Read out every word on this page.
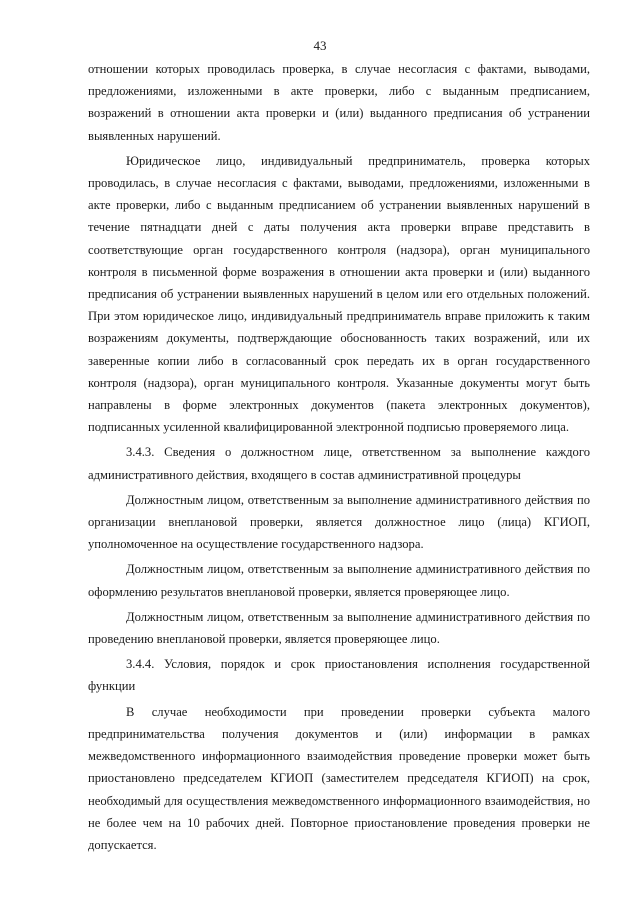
43

отношении которых проводилась проверка, в случае несогласия с фактами, выводами, предложениями, изложенными в акте проверки, либо с выданным предписанием, возражений в отношении акта проверки и (или) выданного предписания об устранении выявленных нарушений.

Юридическое лицо, индивидуальный предприниматель, проверка которых проводилась, в случае несогласия с фактами, выводами, предложениями, изложенными в акте проверки, либо с выданным предписанием об устранении выявленных нарушений в течение пятнадцати дней с даты получения акта проверки вправе представить в соответствующие орган государственного контроля (надзора), орган муниципального контроля в письменной форме возражения в отношении акта проверки и (или) выданного предписания об устранении выявленных нарушений в целом или его отдельных положений. При этом юридическое лицо, индивидуальный предприниматель вправе приложить к таким возражениям документы, подтверждающие обоснованность таких возражений, или их заверенные копии либо в согласованный срок передать их в орган государственного контроля (надзора), орган муниципального контроля. Указанные документы могут быть направлены в форме электронных документов (пакета электронных документов), подписанных усиленной квалифицированной электронной подписью проверяемого лица.

3.4.3. Сведения о должностном лице, ответственном за выполнение каждого административного действия, входящего в состав административной процедуры

Должностным лицом, ответственным за выполнение административного действия по организации внеплановой проверки, является должностное лицо (лица) КГИОП, уполномоченное на осуществление государственного надзора.

Должностным лицом, ответственным за выполнение административного действия по оформлению результатов внеплановой проверки, является проверяющее лицо.

Должностным лицом, ответственным за выполнение административного действия по проведению внеплановой проверки, является проверяющее лицо.

3.4.4. Условия, порядок и срок приостановления исполнения государственной функции

В случае необходимости при проведении проверки субъекта малого предпринимательства получения документов и (или) информации в рамках межведомственного информационного взаимодействия проведение проверки может быть приостановлено председателем КГИОП (заместителем председателя КГИОП) на срок, необходимый для осуществления межведомственного информационного взаимодействия, но не более чем на 10 рабочих дней. Повторное приостановление проведения проверки не допускается.
